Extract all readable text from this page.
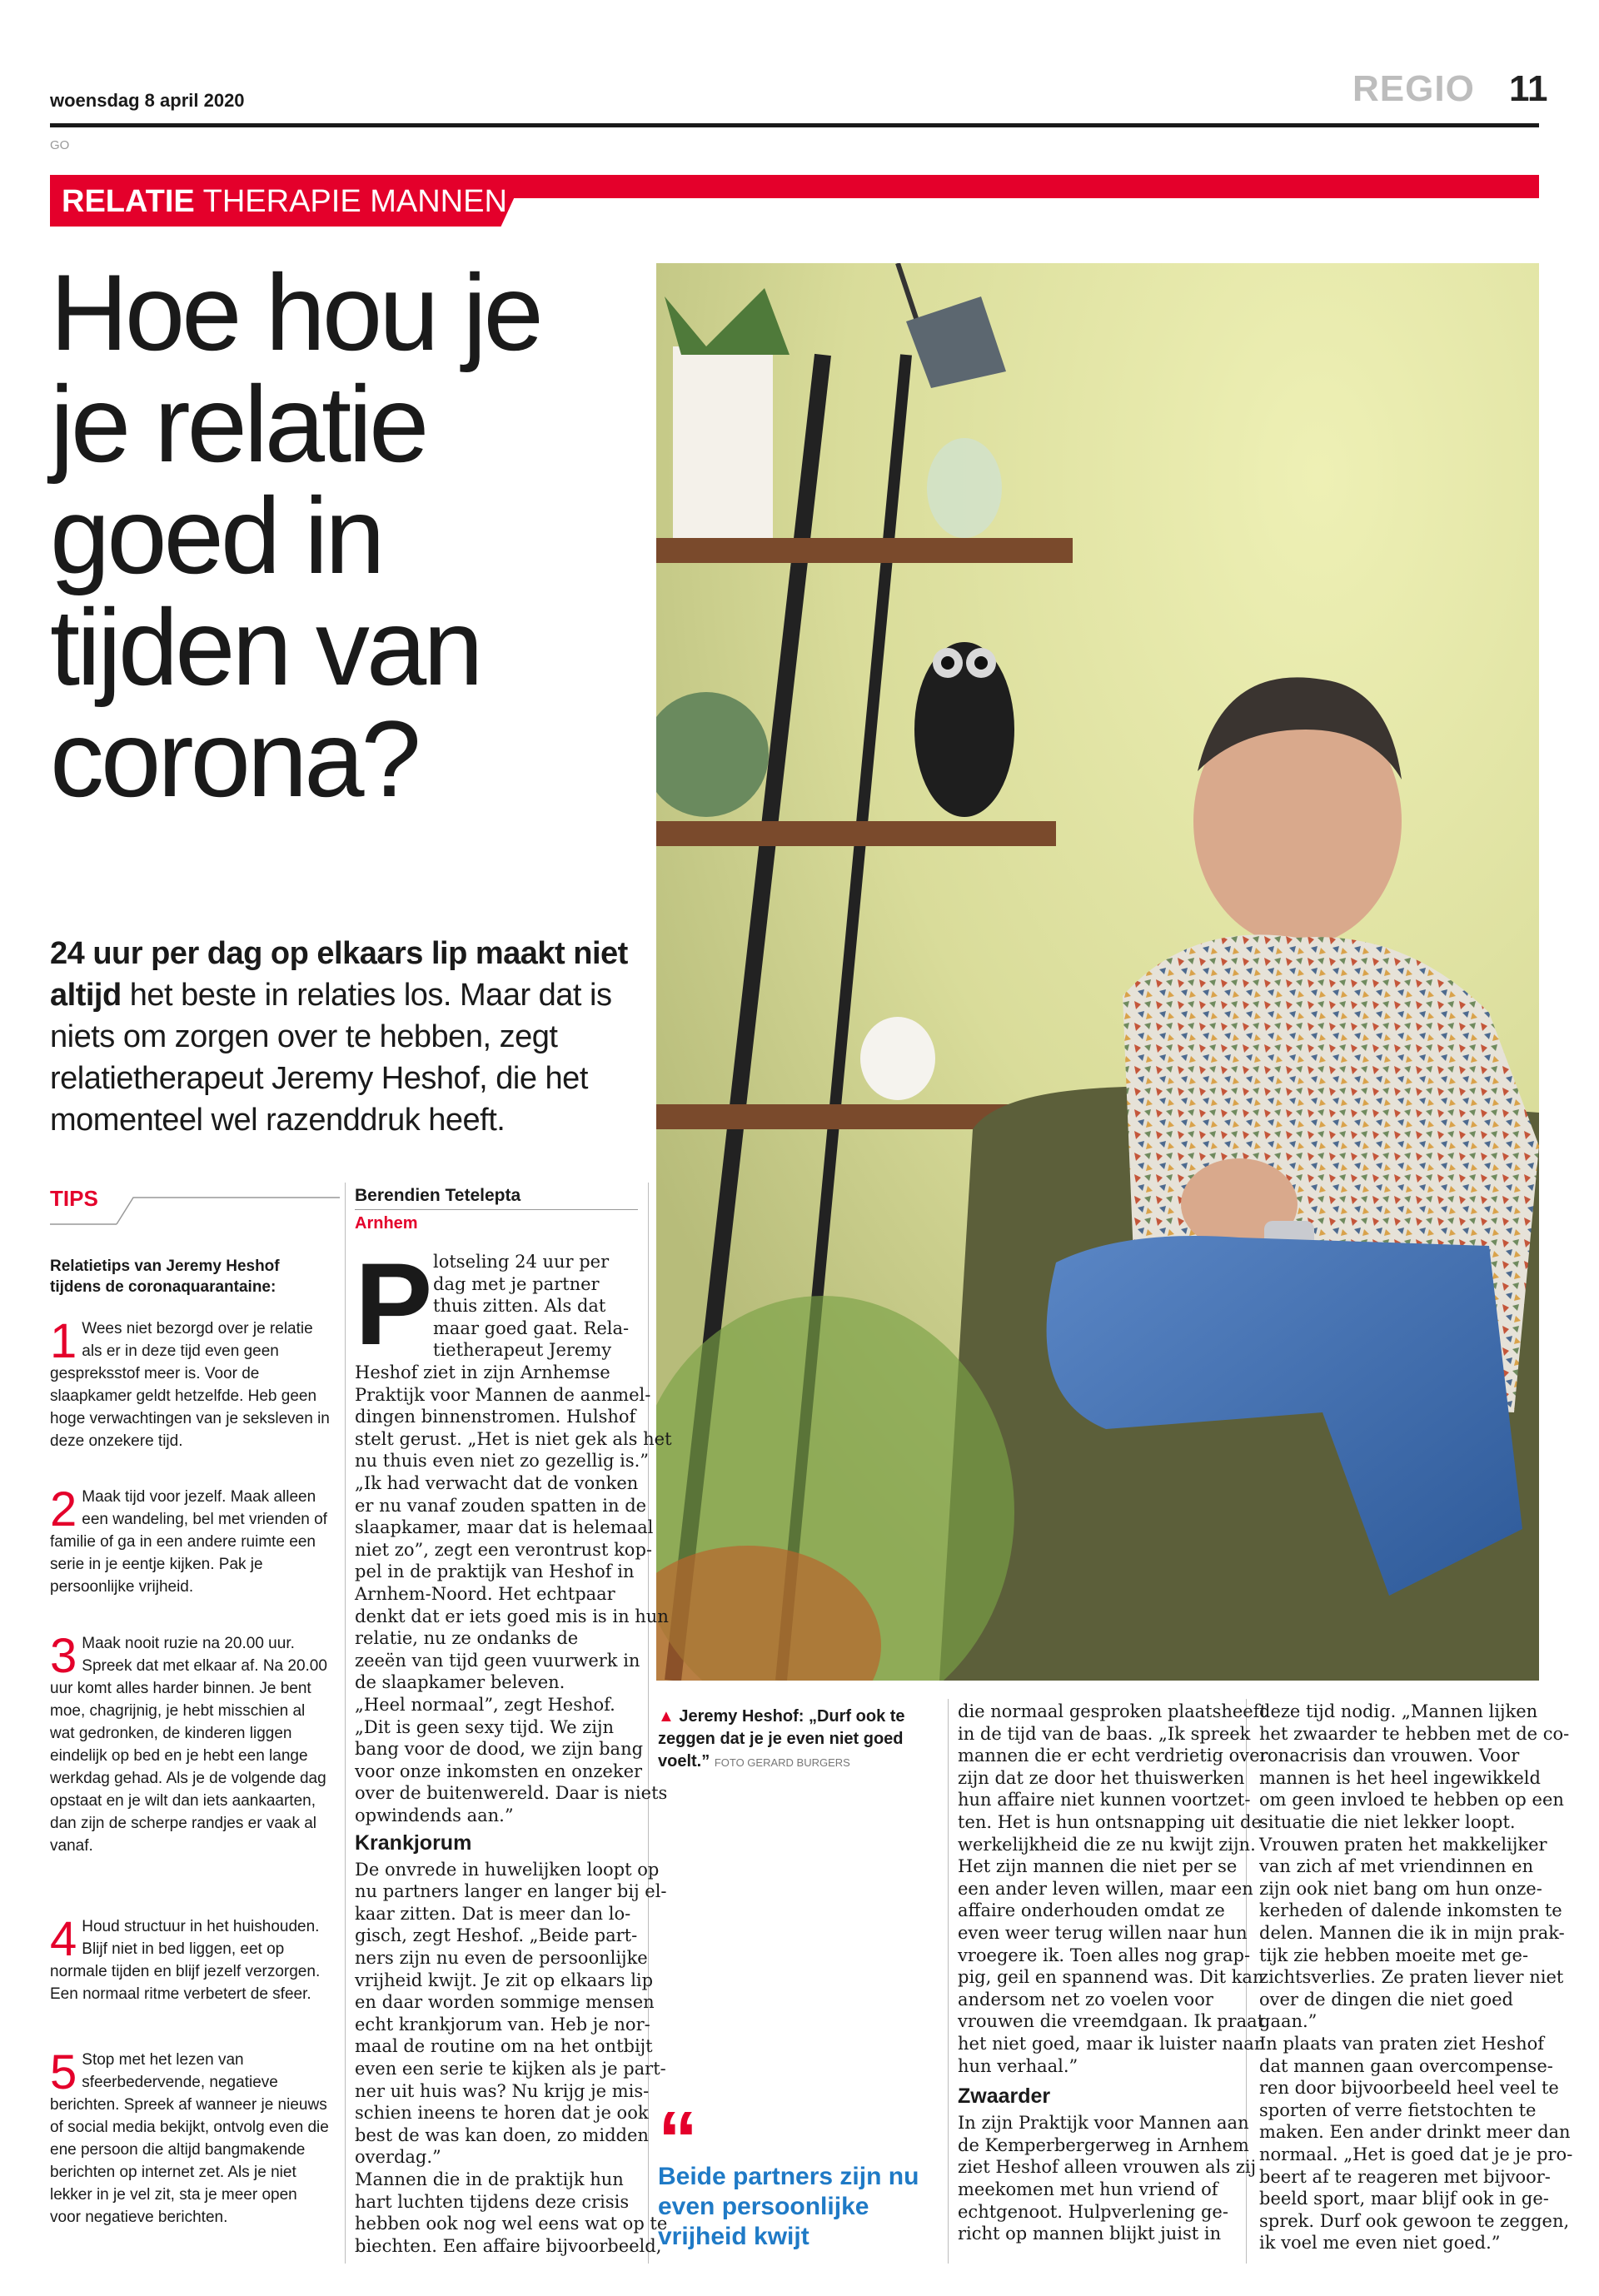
woensdag 8 april 2020	REGIO 11
GO
RELATIE THERAPIE MANNEN
Hoe hou je
je relatie
goed in
tijden van
corona?
24 uur per dag op elkaars lip maakt niet altijd het beste in relaties los. Maar dat is niets om zorgen over te hebben, zegt relatietherapeut Jeremy Heshof, die het momenteel wel razenddruk heeft.
▲ Jeremy Heshof: „Durf ook te zeggen dat je je even niet goed voelt.” FOTO GERARD BURGERS
TIPS
Relatietips van Jeremy Heshof tijdens de coronaquarantaine:
1 Wees niet bezorgd over je relatie als er in deze tijd even geen gespreksstof meer is. Voor de slaapkamer geldt hetzelfde. Heb geen hoge verwachtingen van je seksleven in deze onzekere tijd.
2 Maak tijd voor jezelf. Maak alleen een wandeling, bel met vrienden of familie of ga in een andere ruimte een serie in je eentje kijken. Pak je persoonlijke vrijheid.
3 Maak nooit ruzie na 20.00 uur. Spreek dat met elkaar af. Na 20.00 uur komt alles harder binnen. Je bent moe, chagrijnig, je hebt misschien al wat gedronken, de kinderen liggen eindelijk op bed en je hebt een lange werkdag gehad. Als je de volgende dag opstaat en je wilt dan iets aankaarten, dan zijn de scherpe randjes er vaak al vanaf.
4 Houd structuur in het huishouden. Blijf niet in bed liggen, eet op normale tijden en blijf jezelf verzorgen. Een normaal ritme verbetert de sfeer.
5 Stop met het lezen van sfeerbedervende, negatieve berichten. Spreek af wanneer je nieuws of social media bekijkt, ontvolg even die ene persoon die altijd bangmakende berichten op internet zet. Als je niet lekker in je vel zit, sta je meer open voor negatieve berichten.
Berendien Tetelepta
Arnhem
P lotseling 24 uur per
dag met je partner
thuis zitten. Als dat
maar goed gaat. Rela-
tietherapeut Jeremy
Heshof ziet in zijn Arnhemse
Praktijk voor Mannen de aanmel-
dingen binnenstromen. Hulshof
stelt gerust. „Het is niet gek als het
nu thuis even niet zo gezellig is.”
„Ik had verwacht dat de vonken
er nu vanaf zouden spatten in de
slaapkamer, maar dat is helemaal
niet zo”, zegt een verontrust kop-
pel in de praktijk van Heshof in
Arnhem-Noord. Het echtpaar
denkt dat er iets goed mis is in hun
relatie, nu ze ondanks de
zeeën van tijd geen vuurwerk in
de slaapkamer beleven.
„Heel normaal”, zegt Heshof.
„Dit is geen sexy tijd. We zijn
bang voor de dood, we zijn bang
voor onze inkomsten en onzeker
over de buitenwereld. Daar is niets
opwindends aan.”
Krankjorum
De onvrede in huwelijken loopt op
nu partners langer en langer bij el-
kaar zitten. Dat is meer dan lo-
gisch, zegt Heshof. „Beide part-
ners zijn nu even de persoonlijke
vrijheid kwijt. Je zit op elkaars lip
en daar worden sommige mensen
echt krankjorum van. Heb je nor-
maal de routine om na het ontbijt
even een serie te kijken als je part-
ner uit huis was? Nu krijg je mis-
schien ineens te horen dat je ook
best de was kan doen, zo midden
overdag.”
Mannen die in de praktijk hun
hart luchten tijdens deze crisis
hebben ook nog wel eens wat op te
biechten. Een affaire bijvoorbeeld,
“
Beide partners zijn nu even persoonlijke vrijheid kwijt
die normaal gesproken plaatsheeft
in de tijd van de baas. „Ik spreek
mannen die er echt verdrietig over
zijn dat ze door het thuiswerken
hun affaire niet kunnen voortzet-
ten. Het is hun ontsnapping uit de
werkelijkheid die ze nu kwijt zijn.
Het zijn mannen die niet per se
een ander leven willen, maar een
affaire onderhouden omdat ze
even weer terug willen naar hun
vroegere ik. Toen alles nog grap-
pig, geil en spannend was. Dit kan
andersom net zo voelen voor
vrouwen die vreemdgaan. Ik praat
het niet goed, maar ik luister naar
hun verhaal.”
Zwaarder
In zijn Praktijk voor Mannen aan
de Kemperbergerweg in Arnhem
ziet Heshof alleen vrouwen als zij
meekomen met hun vriend of
echtgenoot. Hulpverlening ge-
richt op mannen blijkt juist in
deze tijd nodig. „Mannen lijken
het zwaarder te hebben met de co-
ronacrisis dan vrouwen. Voor
mannen is het heel ingewikkeld
om geen invloed te hebben op een
situatie die niet lekker loopt.
Vrouwen praten het makkelijker
van zich af met vriendinnen en
zijn ook niet bang om hun onze-
kerheden of dalende inkomsten te
delen. Mannen die ik in mijn prak-
tijk zie hebben moeite met ge-
zichtsverlies. Ze praten liever niet
over de dingen die niet goed
gaan.”
In plaats van praten ziet Heshof
dat mannen gaan overcompense-
ren door bijvoorbeeld heel veel te
sporten of verre fietstochten te
maken. Een ander drinkt meer dan
normaal. „Het is goed dat je je pro-
beert af te reageren met bijvoor-
beeld sport, maar blijf ook in ge-
sprek. Durf ook gewoon te zeggen,
ik voel me even niet goed.”
